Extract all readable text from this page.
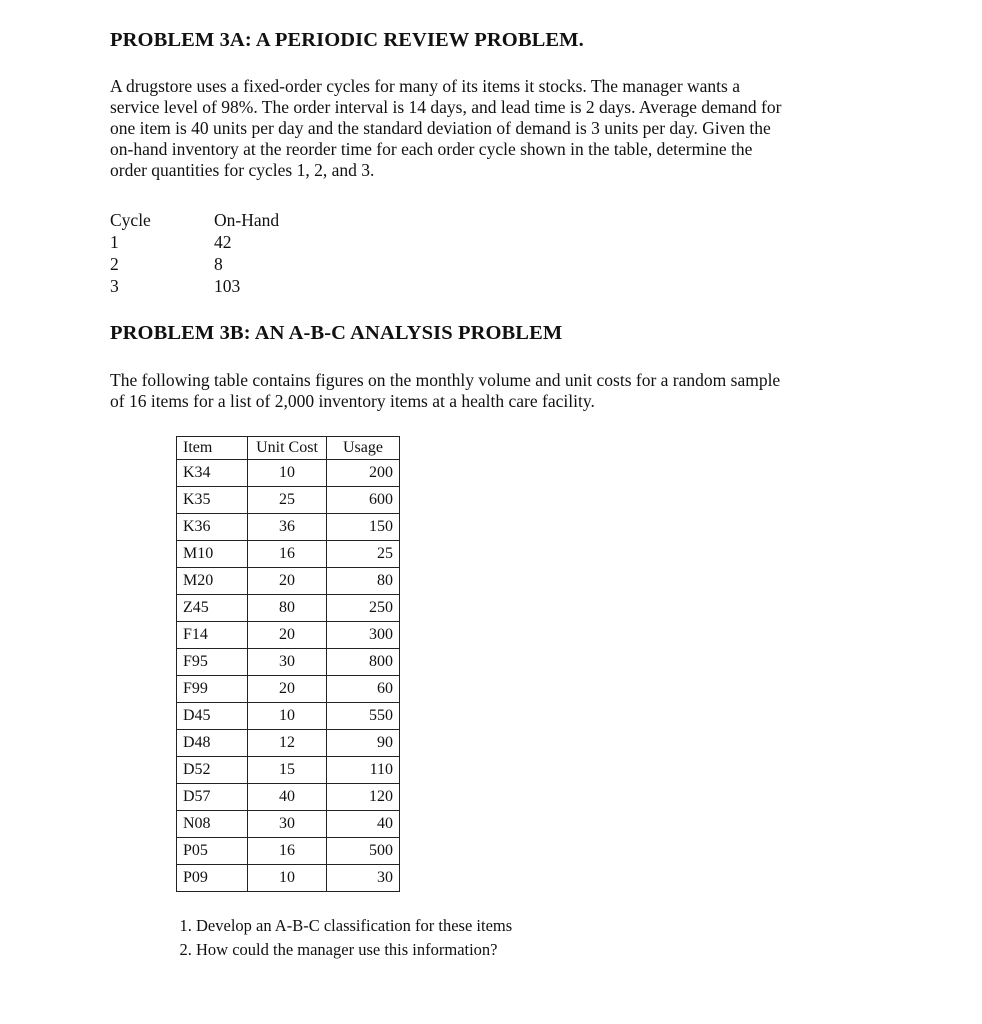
PROBLEM 3A: A PERIODIC REVIEW PROBLEM.
A drugstore uses a fixed-order cycles for many of its items it stocks. The manager wants a
service level of 98%. The order interval is 14 days, and lead time is 2 days. Average demand for
one item is 40 units per day and the standard deviation of demand is 3 units per day. Given the
on-hand inventory at the reorder time for each order cycle shown in the table, determine the
order quantities for cycles 1, 2, and 3.
Cycle	On-Hand
1	42
2	8
3	103
PROBLEM 3B: AN A-B-C ANALYSIS PROBLEM
The following table contains figures on the monthly volume and unit costs for a random sample
of 16 items for a list of 2,000 inventory items at a health care facility.
Item	Unit Cost	Usage
K34	10	200
K35	25	600
K36	36	150
M10	16	25
M20	20	80
Z45	80	250
F14	20	300
F95	30	800
F99	20	60
D45	10	550
D48	12	90
D52	15	110
D57	40	120
N08	30	40
P05	16	500
P09	10	30
1. Develop an A-B-C classification for these items
2. How could the manager use this information?
